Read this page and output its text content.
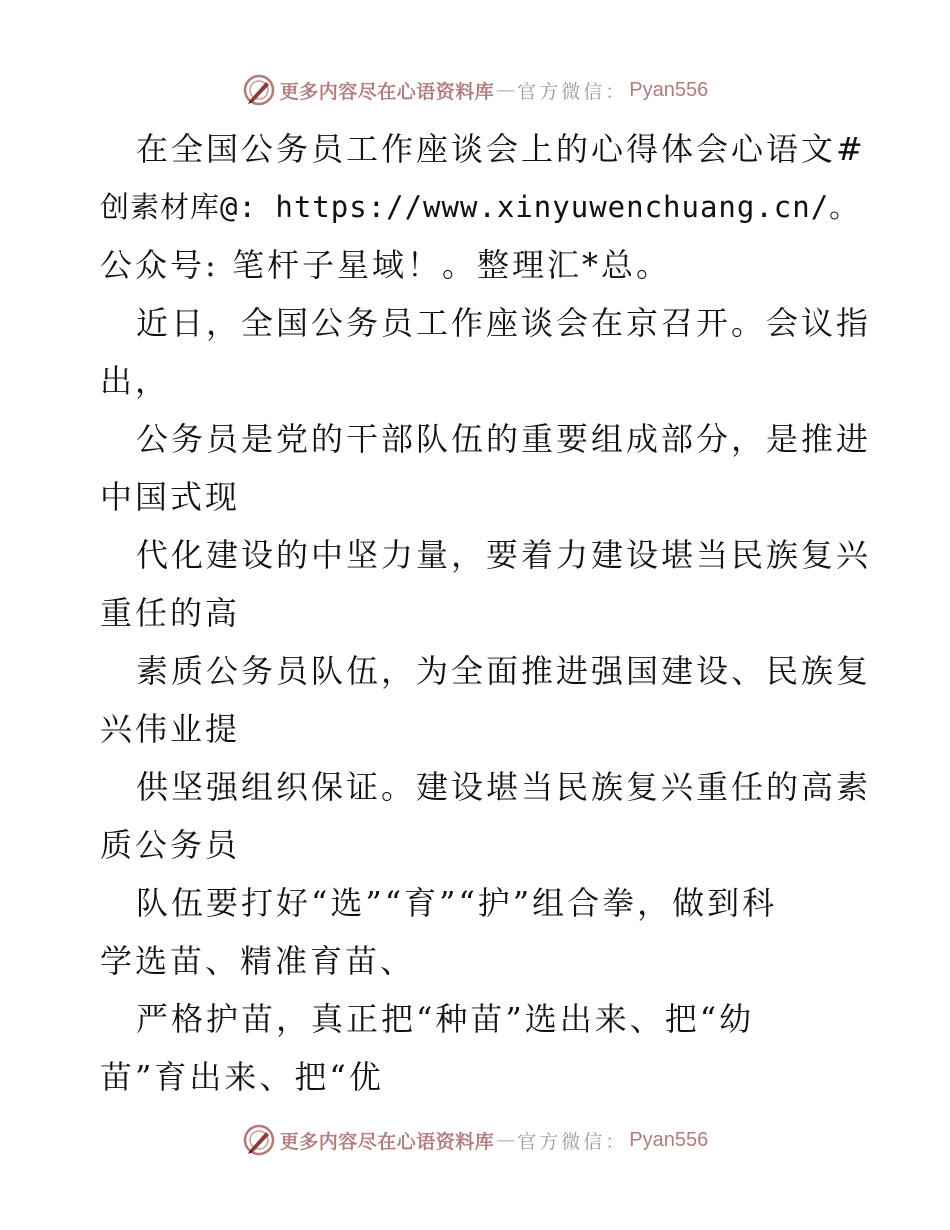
更多内容尽在心语资料库 — 官方微信： Pyan556
在全国公务员工作座谈会上的心得体会心语文#
创素材库@: https://www.xinyuwenchuang.cn/。
公众号: 笔杆子星域！。整理汇*总。
近日，全国公务员工作座谈会在京召开。会议指
出，
公务员是党的干部队伍的重要组成部分，是推进
中国式现
代化建设的中坚力量，要着力建设堪当民族复兴
重任的高
素质公务员队伍，为全面推进强国建设、民族复
兴伟业提
供坚强组织保证。建设堪当民族复兴重任的高素
质公务员
队伍要打好“选”“育”“护”组合拳，做到科
学选苗、精准育苗、
严格护苗，真正把“种苗”选出来、把“幼
苗”育出来、把“优
更多内容尽在心语资料库 — 官方微信： Pyan556
